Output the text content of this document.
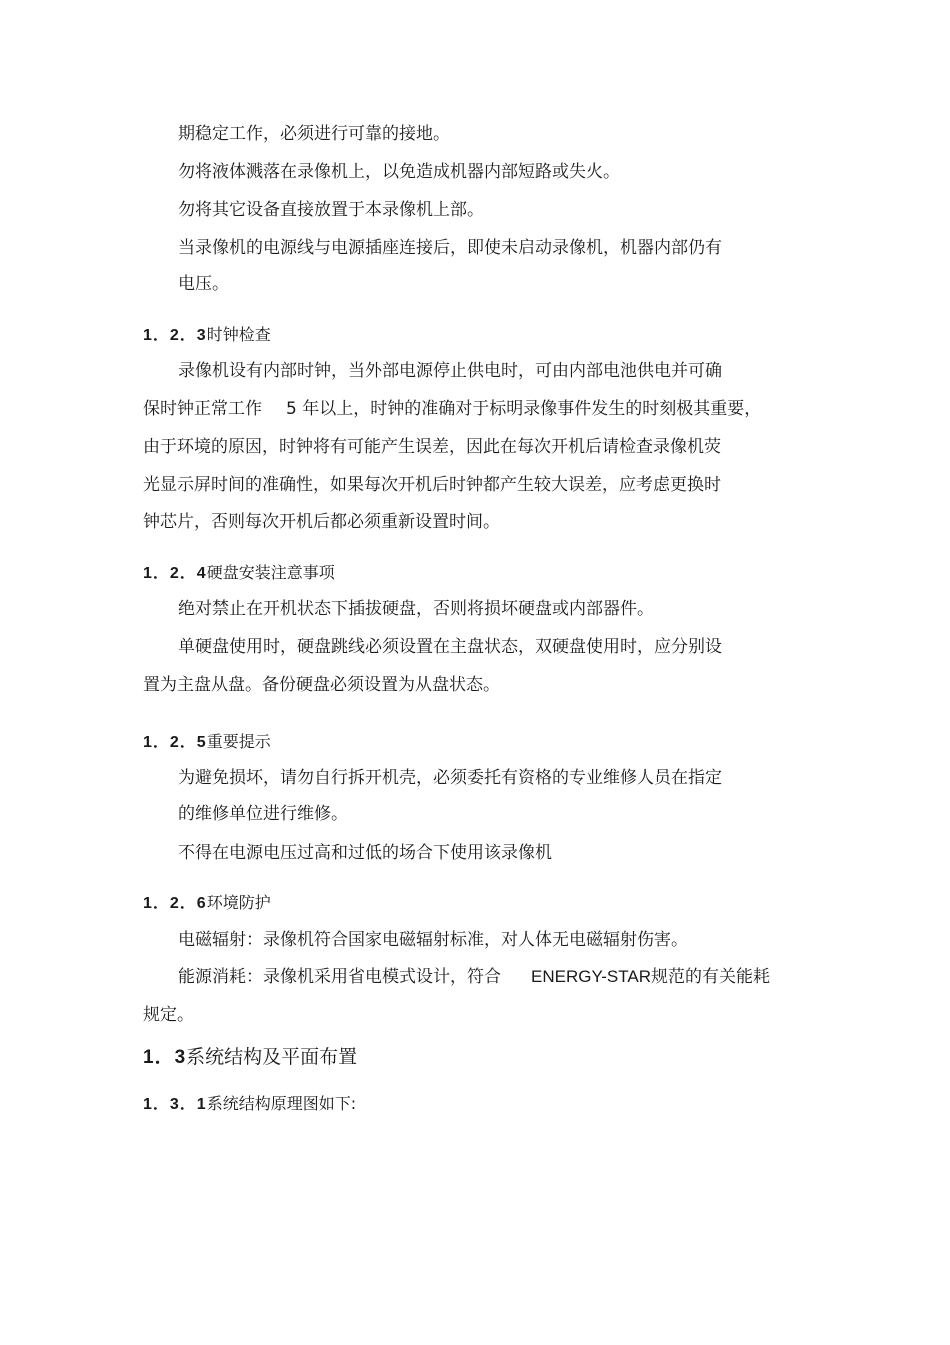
期稳定工作，必须进行可靠的接地。
勿将液体溅落在录像机上，以免造成机器内部短路或失火。
勿将其它设备直接放置于本录像机上部。
当录像机的电源线与电源插座连接后，即使未启动录像机，机器内部仍有
电压。
1．2．3时钟检查
录像机设有内部时钟，当外部电源停止供电时，可由内部电池供电并可确
保时钟正常工作 5 年以上，时钟的准确对于标明录像事件发生的时刻极其重要，
由于环境的原因，时钟将有可能产生误差，因此在每次开机后请检查录像机荧
光显示屏时间的准确性，如果每次开机后时钟都产生较大误差，应考虑更换时
钟芯片，否则每次开机后都必须重新设置时间。
1．2．4硬盘安装注意事项
绝对禁止在开机状态下插拔硬盘，否则将损坏硬盘或内部器件。
单硬盘使用时，硬盘跳线必须设置在主盘状态，双硬盘使用时，应分别设
置为主盘从盘。备份硬盘必须设置为从盘状态。
1．2．5重要提示
为避免损坏，请勿自行拆开机壳，必须委托有资格的专业维修人员在指定
的维修单位进行维修。
不得在电源电压过高和过低的场合下使用该录像机
1．2．6环境防护
电磁辐射：录像机符合国家电磁辐射标准，对人体无电磁辐射伤害。
能源消耗：录像机采用省电模式设计，符合 ENERGY-STAR规范的有关能耗
规定。
1．3系统结构及平面布置
1．3．1系统结构原理图如下:
